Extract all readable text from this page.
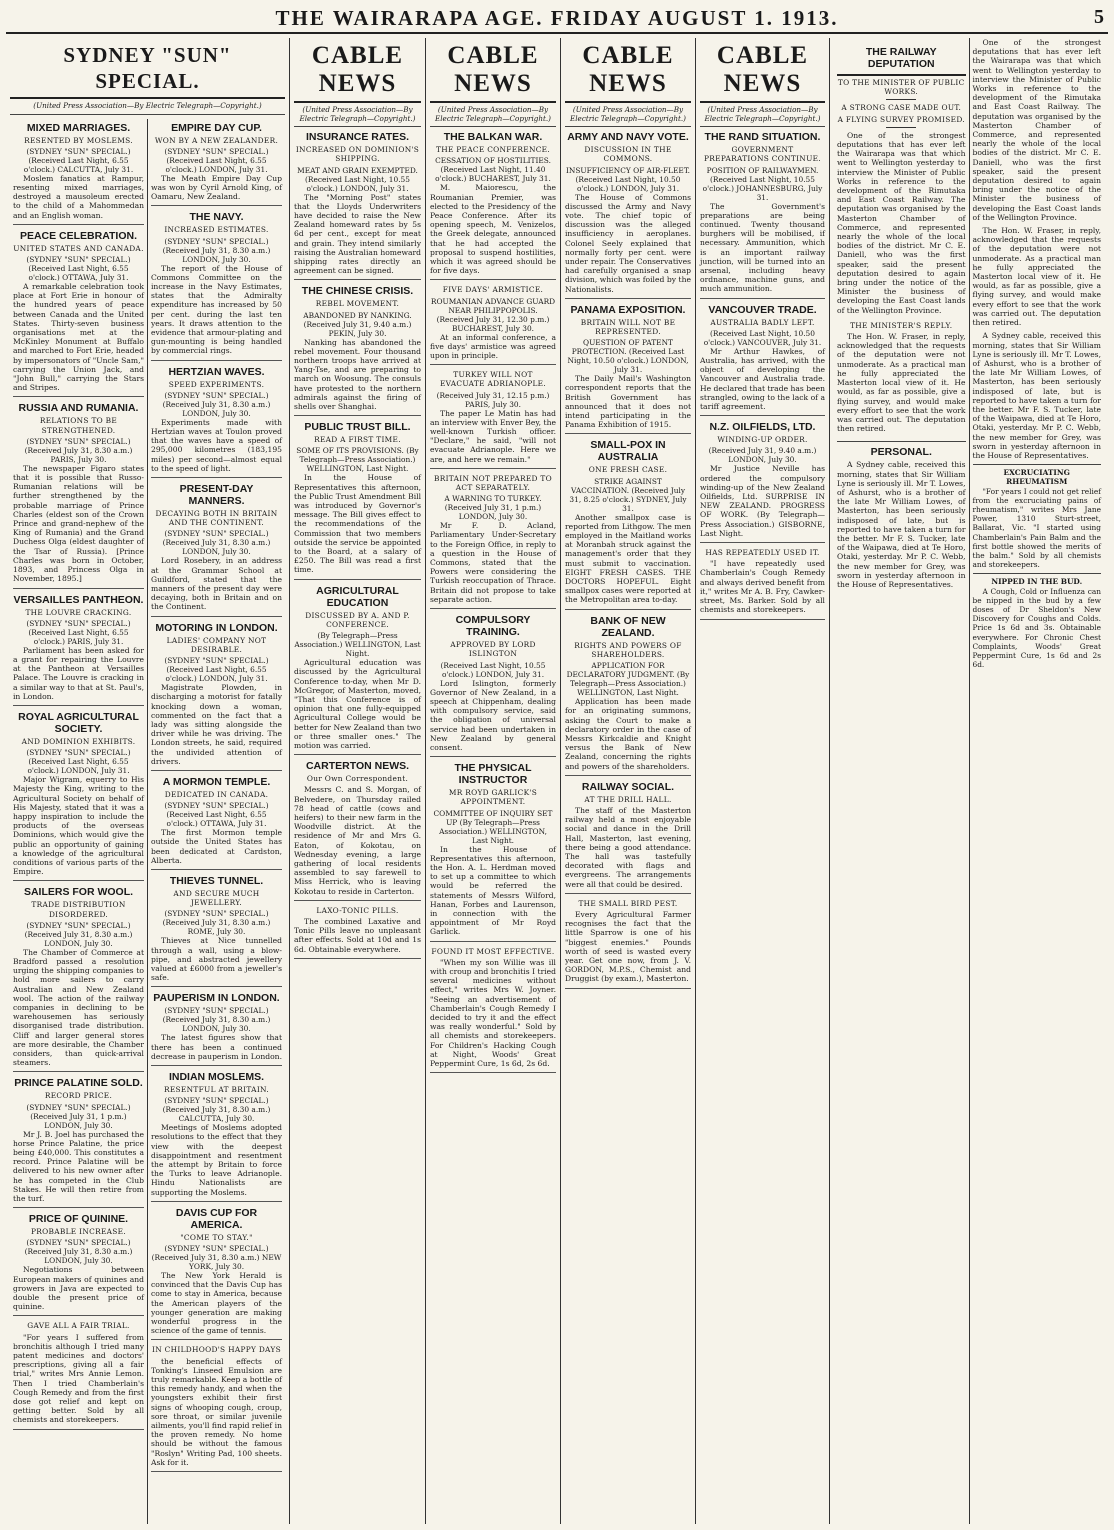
THE WAIRARAPA AGE. FRIDAY AUGUST 1. 1913.	5
SYDNEY "SUN" SPECIAL.
(United Press Association—By Electric Telegraph—Copyright.)
MIXED MARRIAGES.
RESENTED BY MOSLEMS.
(SYDNEY "SUN" SPECIAL.) (Received Last Night, 6.55 o'clock.) CALCUTTA, July 31.

Moslem fanatics at Rampur, resenting mixed marriages, destroyed a mausoleum erected to the child of a Mahommedan and an English woman.

PEACE CELEBRATION.
UNITED STATES AND CANADA.
(SYDNEY "SUN" SPECIAL.) (Received Last Night, 6.55 o'clock.) OTTAWA, July 31.

A remarkable celebration took place at Fort Erie in honour of the hundred years of peace between Canada and the United States. Thirty-seven business organisations met at the McKinley Monument at Buffalo and marched to Fort Erie, headed by impersonators of "Uncle Sam," carrying the Union Jack, and "John Bull," carrying the Stars and Stripes.

RUSSIA AND RUMANIA.
RELATIONS TO BE STRENGTHENED.
(SYDNEY "SUN" SPECIAL.) (Received July 31, 8.30 a.m.) PARIS, July 30.

The newspaper Figaro states that it is possible that Russo-Rumanian relations will be further strengthened by the probable marriage of Prince Charles (eldest son of the Crown Prince and grand-nephew of the King of Rumania) and the Grand Duchess Olga (eldest daughter of the Tsar of Russia). [Prince Charles was born in October, 1893, and Princess Olga in November, 1895.]

VERSAILLES PANTHEON.
THE LOUVRE CRACKING.
(SYDNEY "SUN" SPECIAL.) (Received Last Night, 6.55 o'clock.) PARIS, July 31.

Parliament has been asked for a grant for repairing the Louvre at the Pantheon at Versailles Palace. The Louvre is cracking in a similar way to that at St. Paul's, in London.

ROYAL AGRICULTURAL SOCIETY.
AND DOMINION EXHIBITS.
(SYDNEY "SUN" SPECIAL.) (Received Last Night, 6.55 o'clock.) LONDON, July 31.

Major Wigram, equerry to His Majesty the King, writing to the Agricultural Society on behalf of His Majesty, stated that it was a happy inspiration to include the products of the overseas Dominions, which would give the public an opportunity of gaining a knowledge of the agricultural conditions of various parts of the Empire.

SAILERS FOR WOOL.
TRADE DISTRIBUTION DISORDERED.
(SYDNEY "SUN" SPECIAL.) (Received July 31, 8.30 a.m.) LONDON, July 30.

The Chamber of Commerce at Bradford passed a resolution urging the shipping companies to hold more sailers to carry Australian and New Zealand wool. The action of the railway companies in declining to be warehousemen has seriously disorganised trade distribution. Cliff and larger general stores are more desirable, the Chamber considers, than quick-arrival steamers.

PRINCE PALATINE SOLD.
RECORD PRICE.
(SYDNEY "SUN" SPECIAL.) (Received July 31, 1 p.m.) LONDON, July 30.

Mr J. B. Joel has purchased the horse Prince Palatine, the price being £40,000. This constitutes a record. Prince Palatine will be delivered to his new owner after he has competed in the Club Stakes. He will then retire from the turf.

PRICE OF QUININE.
PROBABLE INCREASE.
(SYDNEY "SUN" SPECIAL.) (Received July 31, 8.30 a.m.) LONDON, July 30.

Negotiations between European makers of quinines and growers in Java are expected to double the present price of quinine.

GAVE ALL A FAIR TRIAL.

"For years I suffered from bronchitis although I tried many patent medicines and doctors' prescriptions, giving all a fair trial," writes Mrs Annie Lemon. Then I tried Chamberlain's Cough Remedy and from the first dose got relief and kept on getting better. Sold by all chemists and storekeepers.

EMPIRE DAY CUP.
WON BY A NEW ZEALANDER.
(SYDNEY "SUN" SPECIAL.) (Received Last Night, 6.55 o'clock.) LONDON, July 31.

The Meath Empire Day Cup was won by Cyril Arnold King, of Oamaru, New Zealand.

THE NAVY.
INCREASED ESTIMATES.
(SYDNEY "SUN" SPECIAL.) (Received July 31, 8.30 a.m.) LONDON, July 30.

The report of the House of Commons Committee on the increase in the Navy Estimates, states that the Admiralty expenditure has increased by 50 per cent. during the last ten years. It draws attention to the evidence that armour-plating and gun-mounting is being handled by commercial rings.

HERTZIAN WAVES.
SPEED EXPERIMENTS.
(SYDNEY "SUN" SPECIAL.) (Received July 31, 8.30 a.m.) LONDON, July 30.

Experiments made with Hertzian waves at Toulon proved that the waves have a speed of 295,000 kilometres (183,195 miles) per second—almost equal to the speed of light.

PRESENT-DAY MANNERS.
DECAYING BOTH IN BRITAIN AND THE CONTINENT.
(SYDNEY "SUN" SPECIAL.) (Received July 31, 8.30 a.m.) LONDON, July 30.

Lord Rosebery, in an address at the Grammar School at Guildford, stated that the manners of the present day were decaying, both in Britain and on the Continent.

MOTORING IN LONDON.
LADIES' COMPANY NOT DESIRABLE.
(SYDNEY "SUN" SPECIAL.) (Received Last Night, 6.55 o'clock.) LONDON, July 31.

Magistrate Plowden, in discharging a motorist for fatally knocking down a woman, commented on the fact that a lady was sitting alongside the driver while he was driving. The London streets, he said, required the undivided attention of drivers.

A MORMON TEMPLE.
DEDICATED IN CANADA.
(SYDNEY "SUN" SPECIAL.) (Received Last Night, 6.55 o'clock.) OTTAWA, July 31.

The first Mormon temple outside the United States has been dedicated at Cardston, Alberta.

THIEVES TUNNEL.
AND SECURE MUCH JEWELLERY.
(SYDNEY "SUN" SPECIAL.) (Received July 31, 8.30 a.m.) ROME, July 30.

Thieves at Nice tunnelled through a wall, using a blow-pipe, and abstracted jewellery valued at £6000 from a jeweller's safe.

PAUPERISM IN LONDON.
(SYDNEY "SUN" SPECIAL.) (Received July 31, 8.30 a.m.) LONDON, July 30.

The latest figures show that there has been a continued decrease in pauperism in London.

INDIAN MOSLEMS.
RESENTFUL AT BRITAIN.
(SYDNEY "SUN" SPECIAL.) (Received July 31, 8.30 a.m.) CALCUTTA, July 30.

Meetings of Moslems adopted resolutions to the effect that they view with the deepest disappointment and resentment the attempt by Britain to force the Turks to leave Adrianople. Hindu Nationalists are supporting the Moslems.

DAVIS CUP FOR AMERICA.
"COME TO STAY."
(SYDNEY "SUN" SPECIAL.) (Received July 31, 8.30 a.m.) NEW YORK, July 30.

The New York Herald is convinced that the Davis Cup has come to stay in America, because the American players of the younger generation are making wonderful progress in the science of the game of tennis.

IN CHILDHOOD'S HAPPY DAYS

the beneficial effects of Tonking's Linseed Emulsion are truly remarkable. Keep a bottle of this remedy handy, and when the youngsters exhibit their first signs of whooping cough, croup, sore throat, or similar juvenile ailments, you'll find rapid relief in the proven remedy. No home should be without the famous "Roslyn" Writing Pad, 100 sheets. Ask for it.

CABLE NEWS
(United Press Association—By Electric Telegraph—Copyright.)
INSURANCE RATES.
INCREASED ON DOMINION'S SHIPPING.
MEAT AND GRAIN EXEMPTED. (Received Last Night, 10.55 o'clock.) LONDON, July 31.

The "Morning Post" states that the Lloyds Underwriters have decided to raise the New Zealand homeward rates by 5s 6d per cent., except for meat and grain. They intend similarly raising the Australian homeward shipping rates directly an agreement can be signed.

THE CHINESE CRISIS.
REBEL MOVEMENT.
ABANDONED BY NANKING. (Received July 31, 9.40 a.m.) PEKIN, July 30.

Nanking has abandoned the rebel movement. Four thousand northern troops have arrived at Yang-Tse, and are preparing to march on Woosung. The consuls have protested to the northern admirals against the firing of shells over Shanghai.

PUBLIC TRUST BILL.
READ A FIRST TIME.
SOME OF ITS PROVISIONS. (By Telegraph—Press Association.) WELLINGTON, Last Night.

In the House of Representatives this afternoon, the Public Trust Amendment Bill was introduced by Governor's message. The Bill gives effect to the recommendations of the Commission that two members outside the service be appointed to the Board, at a salary of £250. The Bill was read a first time.

AGRICULTURAL EDUCATION
DISCUSSED BY A. AND P. CONFERENCE.
(By Telegraph—Press Association.) WELLINGTON, Last Night.

Agricultural education was discussed by the Agricultural Conference to-day, when Mr D. McGregor, of Masterton, moved, "That this Conference is of opinion that one fully-equipped Agricultural College would be better for New Zealand than two or three smaller ones." The motion was carried.

CARTERTON NEWS.
Our Own Correspondent.

Messrs C. and S. Morgan, of Belvedere, on Thursday railed 78 head of cattle (cows and heifers) to their new farm in the Woodville district. At the residence of Mr and Mrs G. Eaton, of Kokotau, on Wednesday evening, a large gathering of local residents assembled to say farewell to Miss Herrick, who is leaving Kokotau to reside in Carterton.

LAXO-TONIC PILLS.

The combined Laxative and Tonic Pills leave no unpleasant after effects. Sold at 10d and 1s 6d. Obtainable everywhere.

CABLE NEWS
(United Press Association—By Electric Telegraph—Copyright.)
THE BALKAN WAR.
THE PEACE CONFERENCE.
CESSATION OF HOSTILITIES. (Received Last Night, 11.40 o'clock.) BUCHAREST, July 31.

M. Maiorescu, the Roumanian Premier, was elected to the Presidency of the Peace Conference. After its opening speech, M. Venizelos, the Greek delegate, announced that he had accepted the proposal to suspend hostilities, which it was agreed should be for five days.

FIVE DAYS' ARMISTICE.
ROUMANIAN ADVANCE GUARD NEAR PHILIPPOPOLIS. (Received July 31, 12.30 p.m.) BUCHAREST, July 30.

At an informal conference, a five days' armistice was agreed upon in principle.

TURKEY WILL NOT EVACUATE ADRIANOPLE.
(Received July 31, 12.15 p.m.) PARIS, July 30.

The paper Le Matin has had an interview with Enver Bey, the well-known Turkish officer. "Declare," he said, "will not evacuate Adrianople. Here we are, and here we remain."

BRITAIN NOT PREPARED TO ACT SEPARATELY.
A WARNING TO TURKEY. (Received July 31, 1 p.m.) LONDON, July 30.

Mr F. D. Acland, Parliamentary Under-Secretary to the Foreign Office, in reply to a question in the House of Commons, stated that the Powers were considering the Turkish reoccupation of Thrace. Britain did not propose to take separate action.

COMPULSORY TRAINING.
APPROVED BY LORD ISLINGTON
(Received Last Night, 10.55 o'clock.) LONDON, July 31.

Lord Islington, formerly Governor of New Zealand, in a speech at Chippenham, dealing with compulsory service, said the obligation of universal service had been undertaken in New Zealand by general consent.

THE PHYSICAL INSTRUCTOR
MR ROYD GARLICK'S APPOINTMENT.
COMMITTEE OF INQUIRY SET UP (By Telegraph—Press Association.) WELLINGTON, Last Night.

In the House of Representatives this afternoon, the Hon. A. L. Herdman moved to set up a committee to which would be referred the statements of Messrs Wilford, Hanan, Forbes and Laurenson, in connection with the appointment of Mr Royd Garlick.

FOUND IT MOST EFFECTIVE.

"When my son Willie was ill with croup and bronchitis I tried several medicines without effect," writes Mrs W. Joyner. "Seeing an advertisement of Chamberlain's Cough Remedy I decided to try it and the effect was really wonderful." Sold by all chemists and storekeepers. For Children's Hacking Cough at Night, Woods' Great Peppermint Cure, 1s 6d, 2s 6d.

CABLE NEWS
(United Press Association—By Electric Telegraph—Copyright.)
ARMY AND NAVY VOTE.
DISCUSSION IN THE COMMONS.
INSUFFICIENCY OF AIR-FLEET. (Received Last Night, 10.50 o'clock.) LONDON, July 31.

The House of Commons discussed the Army and Navy vote. The chief topic of discussion was the alleged insufficiency in aeroplanes. Colonel Seely explained that normally forty per cent. were under repair. The Conservatives had carefully organised a snap division, which was foiled by the Nationalists.

PANAMA EXPOSITION.
BRITAIN WILL NOT BE REPRESENTED.
QUESTION OF PATENT PROTECTION. (Received Last Night, 10.50 o'clock.) LONDON, July 31.

The Daily Mail's Washington correspondent reports that the British Government has announced that it does not intend participating in the Panama Exhibition of 1915.

SMALL-POX IN AUSTRALIA
ONE FRESH CASE.
STRIKE AGAINST VACCINATION. (Received July 31, 8.25 o'clock.) SYDNEY, July 31.

Another smallpox case is reported from Lithgow. The men employed in the Maitland works at Moranbah struck against the management's order that they must submit to vaccination. EIGHT FRESH CASES. THE DOCTORS HOPEFUL. Eight smallpox cases were reported at the Metropolitan area to-day.

BANK OF NEW ZEALAND.
RIGHTS AND POWERS OF SHAREHOLDERS.
APPLICATION FOR DECLARATORY JUDGMENT. (By Telegraph—Press Association.) WELLINGTON, Last Night.

Application has been made for an originating summons, asking the Court to make a declaratory order in the case of Messrs Kirkcaldie and Knight versus the Bank of New Zealand, concerning the rights and powers of the shareholders.

RAILWAY SOCIAL.
AT THE DRILL HALL.

The staff of the Masterton railway held a most enjoyable social and dance in the Drill Hall, Masterton, last evening, there being a good attendance. The hall was tastefully decorated with flags and evergreens. The arrangements were all that could be desired.

THE SMALL BIRD PEST.

Every Agricultural Farmer recognises the fact that the little Sparrow is one of his "biggest enemies." Pounds worth of seed is wasted every year. Get one now, from J. V. GORDON, M.P.S., Chemist and Druggist (by exam.), Masterton.

CABLE NEWS
(United Press Association—By Electric Telegraph—Copyright.)
THE RAND SITUATION.
GOVERNMENT PREPARATIONS CONTINUE.
POSITION OF RAILWAYMEN. (Received Last Night, 10.55 o'clock.) JOHANNESBURG, July 31.

The Government's preparations are being continued. Twenty thousand burghers will be mobilised, if necessary. Ammunition, which is an important railway junction, will be turned into an arsenal, including heavy ordnance, machine guns, and much ammunition.

VANCOUVER TRADE.
AUSTRALIA BADLY LEFT.
(Received Last Night, 10.50 o'clock.) VANCOUVER, July 31.

Mr Arthur Hawkes, of Australia, has arrived, with the object of developing the Vancouver and Australia trade. He declared that trade has been strangled, owing to the lack of a tariff agreement.

N.Z. OILFIELDS, LTD.
WINDING-UP ORDER.
(Received July 31, 9.40 a.m.) LONDON, July 30.

Mr Justice Neville has ordered the compulsory winding-up of the New Zealand Oilfields, Ltd. SURPRISE IN NEW ZEALAND. PROGRESS OF WORK. (By Telegraph—Press Association.) GISBORNE, Last Night.

HAS REPEATEDLY USED IT.

"I have repeatedly used Chamberlain's Cough Remedy and always derived benefit from it," writes Mr A. B. Fry, Cawker-street, Ms. Barker. Sold by all chemists and storekeepers.

THE RAILWAY DEPUTATION
TO THE MINISTER OF PUBLIC WORKS.
A STRONG CASE MADE OUT.
A FLYING SURVEY PROMISED.

One of the strongest deputations that has ever left the Wairarapa was that which went to Wellington yesterday to interview the Minister of Public Works in reference to the development of the Rimutaka and East Coast Railway. The deputation was organised by the Masterton Chamber of Commerce, and represented nearly the whole of the local bodies of the district. Mr C. E. Daniell, who was the first speaker, said the present deputation desired to again bring under the notice of the Minister the business of developing the East Coast lands of the Wellington Province.

THE MINISTER'S REPLY.

The Hon. W. Fraser, in reply, acknowledged that the requests of the deputation were not unmoderate. As a practical man he fully appreciated the Masterton local view of it. He would, as far as possible, give a flying survey, and would make every effort to see that the work was carried out. The deputation then retired.

PERSONAL.

A Sydney cable, received this morning, states that Sir William Lyne is seriously ill. Mr T. Lowes, of Ashurst, who is a brother of the late Mr William Lowes, of Masterton, has been seriously indisposed of late, but is reported to have taken a turn for the better. Mr F. S. Tucker, late of the Waipawa, died at Te Horo, Otaki, yesterday. Mr P. C. Webb, the new member for Grey, was sworn in yesterday afternoon in the House of Representatives.

One of the strongest deputations that has ever left the Wairarapa was that which went to Wellington yesterday to interview the Minister of Public Works in reference to the development of the Rimutaka and East Coast Railway. The deputation was organised by the Masterton Chamber of Commerce, and represented nearly the whole of the local bodies of the district. Mr C. E. Daniell, who was the first speaker, said the present deputation desired to again bring under the notice of the Minister the business of developing the East Coast lands of the Wellington Province.

The Hon. W. Fraser, in reply, acknowledged that the requests of the deputation were not unmoderate. As a practical man he fully appreciated the Masterton local view of it. He would, as far as possible, give a flying survey, and would make every effort to see that the work was carried out. The deputation then retired.

A Sydney cable, received this morning, states that Sir William Lyne is seriously ill. Mr T. Lowes, of Ashurst, who is a brother of the late Mr William Lowes, of Masterton, has been seriously indisposed of late, but is reported to have taken a turn for the better. Mr F. S. Tucker, late of the Waipawa, died at Te Horo, Otaki, yesterday. Mr P. C. Webb, the new member for Grey, was sworn in yesterday afternoon in the House of Representatives.

EXCRUCIATING RHEUMATISM

"For years I could not get relief from the excruciating pains of rheumatism," writes Mrs Jane Power, 1310 Sturt-street, Ballarat, Vic. "I started using Chamberlain's Pain Balm and the first bottle showed the merits of the balm." Sold by all chemists and storekeepers.

NIPPED IN THE BUD.

A Cough, Cold or Influenza can be nipped in the bud by a few doses of Dr Sheldon's New Discovery for Coughs and Colds. Price 1s 6d and 3s. Obtainable everywhere. For Chronic Chest Complaints, Woods' Great Peppermint Cure, 1s 6d and 2s 6d.
